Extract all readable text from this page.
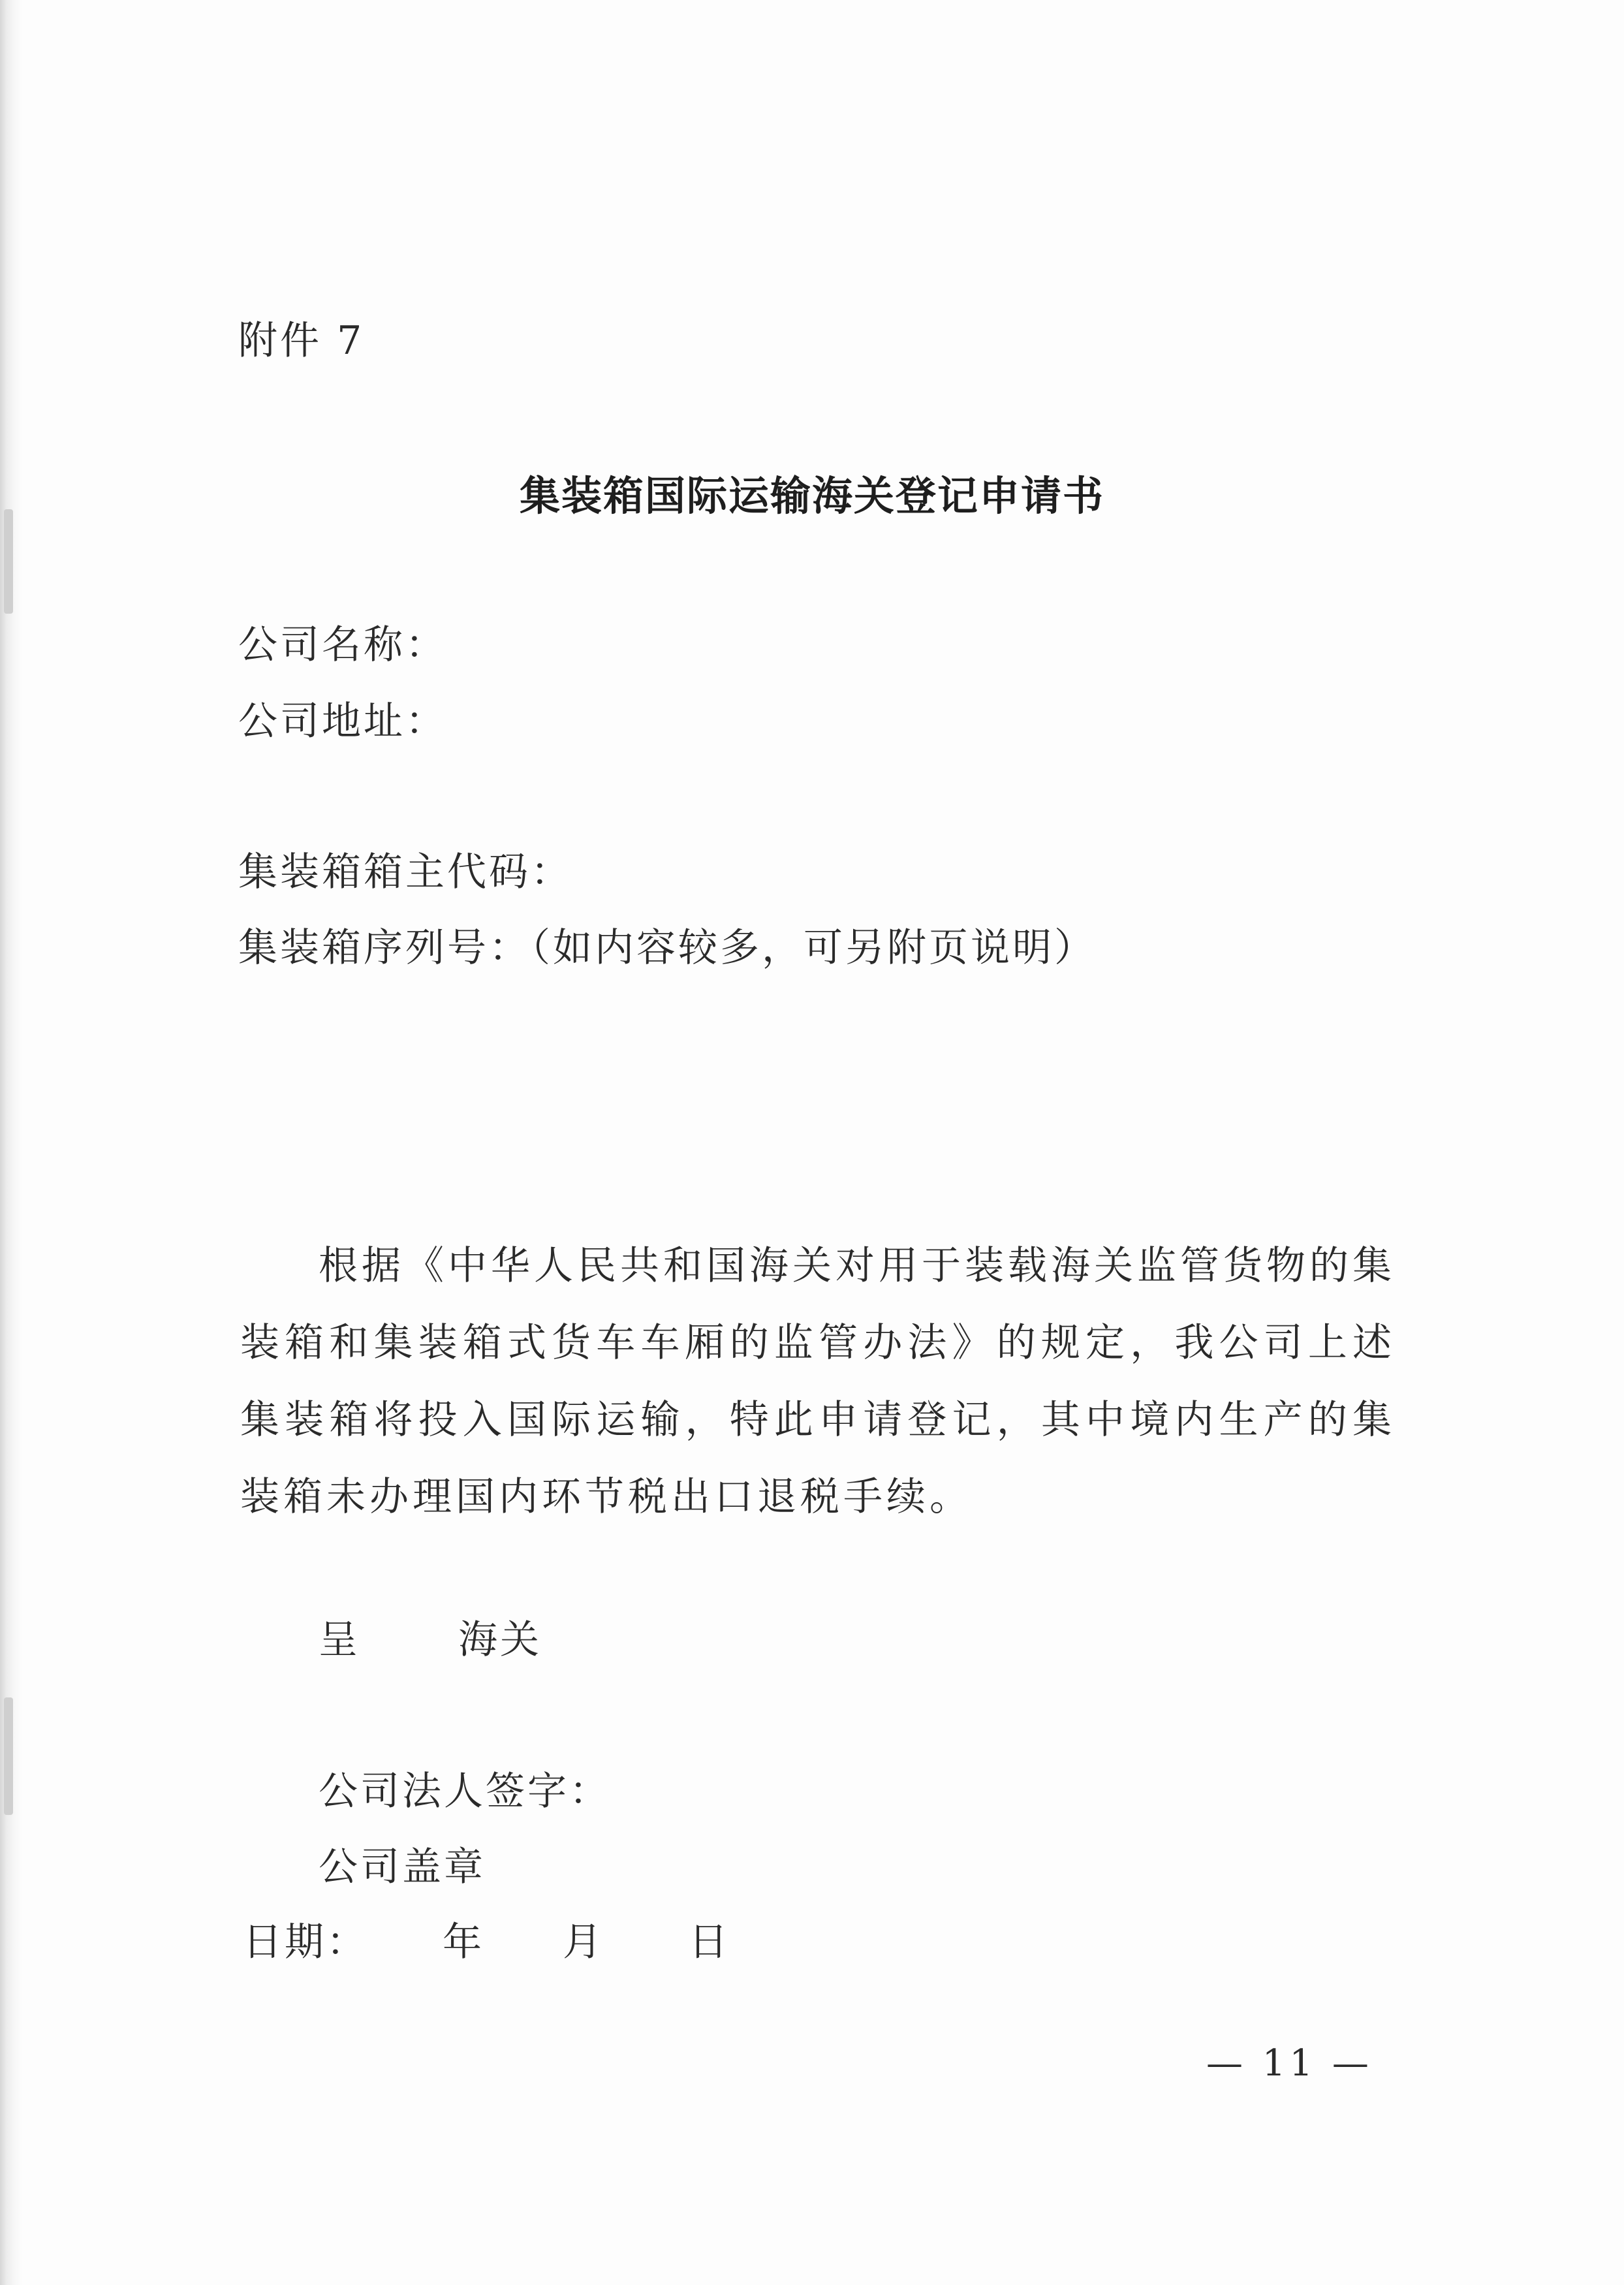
附件 7
集装箱国际运输海关登记申请书
公司名称：
公司地址：
集装箱箱主代码：
集装箱序列号：（如内容较多，可另附页说明）
根据《中华人民共和国海关对用于装载海关监管货物的集装箱和集装箱式货车车厢的监管办法》的规定，我公司上述集装箱将投入国际运输，特此申请登记，其中境内生产的集装箱未办理国内环节税出口退税手续。
呈	海关
公司法人签字：
公司盖章
日期： 年 月 日
— 11 —
